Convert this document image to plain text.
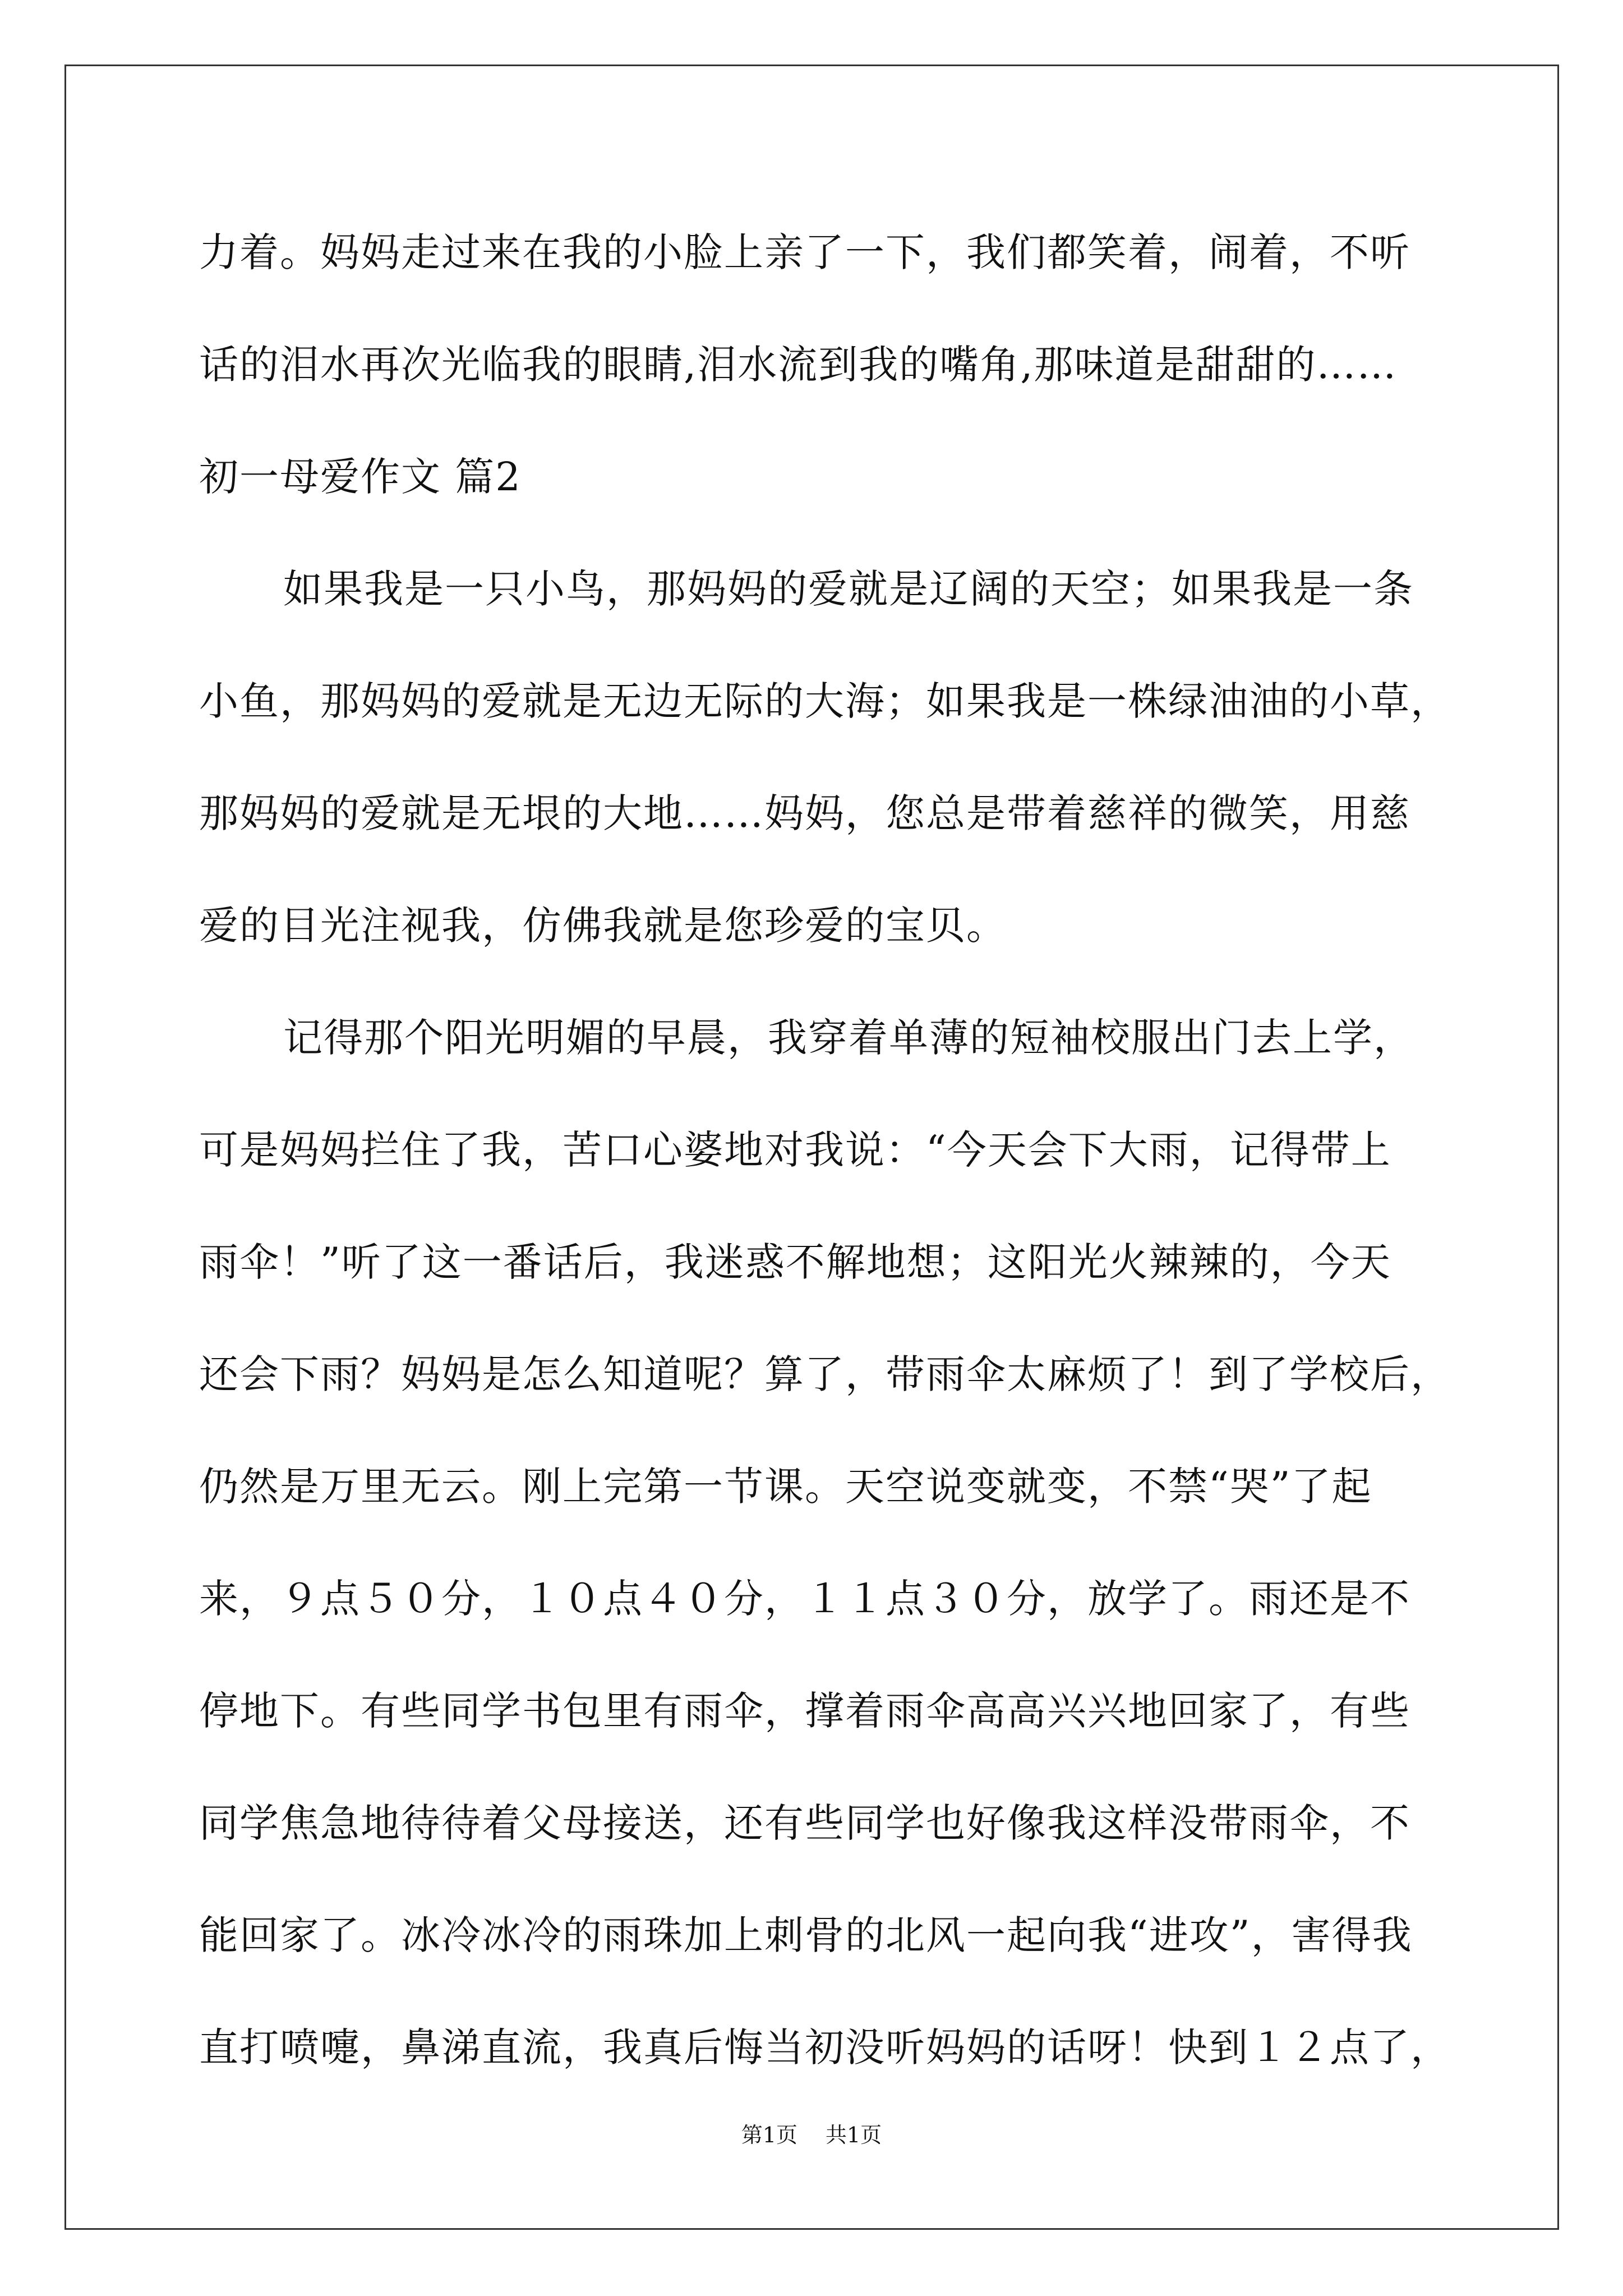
力着。妈妈走过来在我的小脸上亲了一下，我们都笑着，闹着，不听
话的泪水再次光临我的眼睛,泪水流到我的嘴角,那味道是甜甜的……
初一母爱作文 篇2
如果我是一只小鸟，那妈妈的爱就是辽阔的天空；如果我是一条
小鱼，那妈妈的爱就是无边无际的大海；如果我是一株绿油油的小草，
那妈妈的爱就是无垠的大地……妈妈，您总是带着慈祥的微笑，用慈
爱的目光注视我，仿佛我就是您珍爱的宝贝。
记得那个阳光明媚的早晨，我穿着单薄的短袖校服出门去上学，
可是妈妈拦住了我，苦口心婆地对我说：“今天会下大雨，记得带上
雨伞！”听了这一番话后，我迷惑不解地想；这阳光火辣辣的，今天
还会下雨？妈妈是怎么知道呢？算了，带雨伞太麻烦了！到了学校后，
仍然是万里无云。刚上完第一节课。天空说变就变，不禁“哭”了起
来，９点５０分，１０点４０分，１１点３０分，放学了。雨还是不
停地下。有些同学书包里有雨伞，撑着雨伞高高兴兴地回家了，有些
同学焦急地待待着父母接送，还有些同学也好像我这样没带雨伞，不
能回家了。冰冷冰冷的雨珠加上刺骨的北风一起向我“进攻”，害得我
直打喷嚏，鼻涕直流，我真后悔当初没听妈妈的话呀！快到１２点了，
第1页 共1页
